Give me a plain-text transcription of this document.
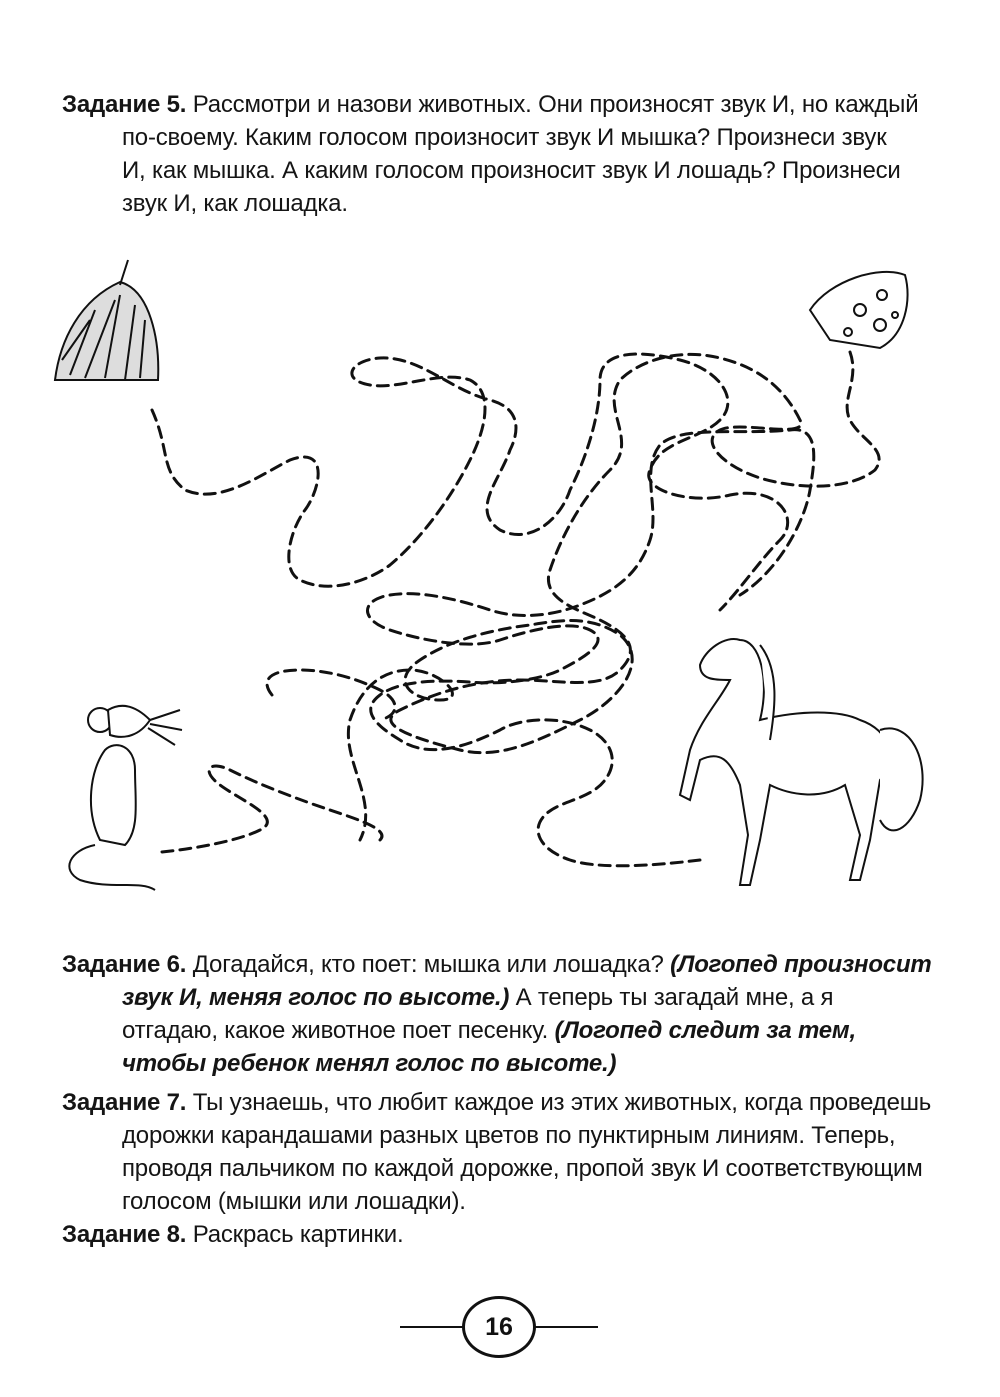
Задание 5. Рассмотри и назови животных. Они произносят звук И, но каждый
по-своему. Каким голосом произносит звук И мышка? Произнеси звук
И, как мышка. А каким голосом произносит звук И лошадь? Произнеси
звук И, как лошадка.

Задание 6. Догадайся, кто поет: мышка или лошадка? (Логопед произносит звук И, меняя голос по высоте.) А теперь ты загадай мне, а я отгадаю, какое животное поет песенку. (Логопед следит за тем, чтобы ребенок менял голос по высоте.)

Задание 7. Ты узнаешь, что любит каждое из этих животных, когда проведешь дорожки карандашами разных цветов по пунктирным линиям. Теперь, проводя пальчиком по каждой дорожке, пропой звук И соответствующим голосом (мышки или лошадки).

Задание 8. Раскрась картинки.

16
